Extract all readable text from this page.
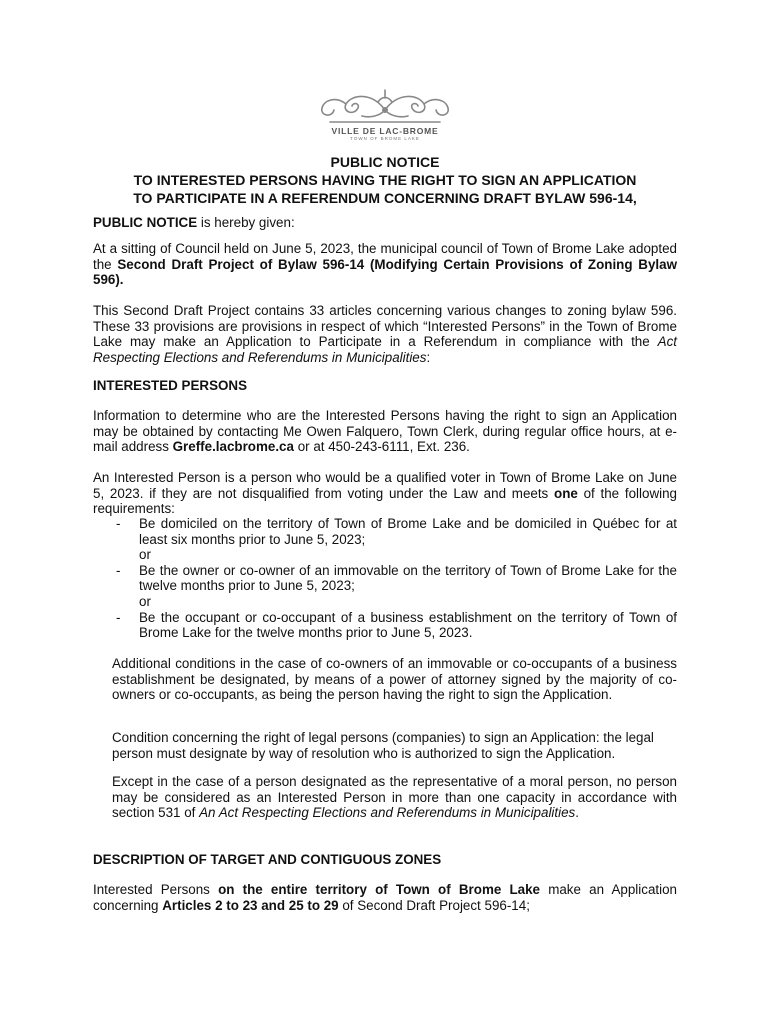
VILLE DE LAC-BROME
TOWN OF BROME LAKE
PUBLIC NOTICE
TO INTERESTED PERSONS HAVING THE RIGHT TO SIGN AN APPLICATION
TO PARTICIPATE IN A REFERENDUM CONCERNING DRAFT BYLAW 596-14,

PUBLIC NOTICE is hereby given:

At a sitting of Council held on June 5, 2023, the municipal council of Town of Brome Lake adopted the Second Draft Project of Bylaw 596-14 (Modifying Certain Provisions of Zoning Bylaw 596).

This Second Draft Project contains 33 articles concerning various changes to zoning bylaw 596. These 33 provisions are provisions in respect of which “Interested Persons” in the Town of Brome Lake may make an Application to Participate in a Referendum in compliance with the Act Respecting Elections and Referendums in Municipalities:

INTERESTED PERSONS

Information to determine who are the Interested Persons having the right to sign an Application may be obtained by contacting Me Owen Falquero, Town Clerk, during regular office hours, at e-mail address Greffe.lacbrome.ca or at 450-243-6111, Ext. 236.

An Interested Person is a person who would be a qualified voter in Town of Brome Lake on June 5, 2023. if they are not disqualified from voting under the Law and meets one of the following requirements:

- Be domiciled on the territory of Town of Brome Lake and be domiciled in Québec for at least six months prior to June 5, 2023;
or
- Be the owner or co-owner of an immovable on the territory of Town of Brome Lake for the twelve months prior to June 5, 2023;
or
- Be the occupant or co-occupant of a business establishment on the territory of Town of Brome Lake for the twelve months prior to June 5, 2023.

Additional conditions in the case of co-owners of an immovable or co-occupants of a business establishment be designated, by means of a power of attorney signed by the majority of co-owners or co-occupants, as being the person having the right to sign the Application.

Condition concerning the right of legal persons (companies) to sign an Application: the legal person must designate by way of resolution who is authorized to sign the Application.

Except in the case of a person designated as the representative of a moral person, no person may be considered as an Interested Person in more than one capacity in accordance with section 531 of An Act Respecting Elections and Referendums in Municipalities.

DESCRIPTION OF TARGET AND CONTIGUOUS ZONES

Interested Persons on the entire territory of Town of Brome Lake make an Application concerning Articles 2 to 23 and 25 to 29 of Second Draft Project 596-14;
